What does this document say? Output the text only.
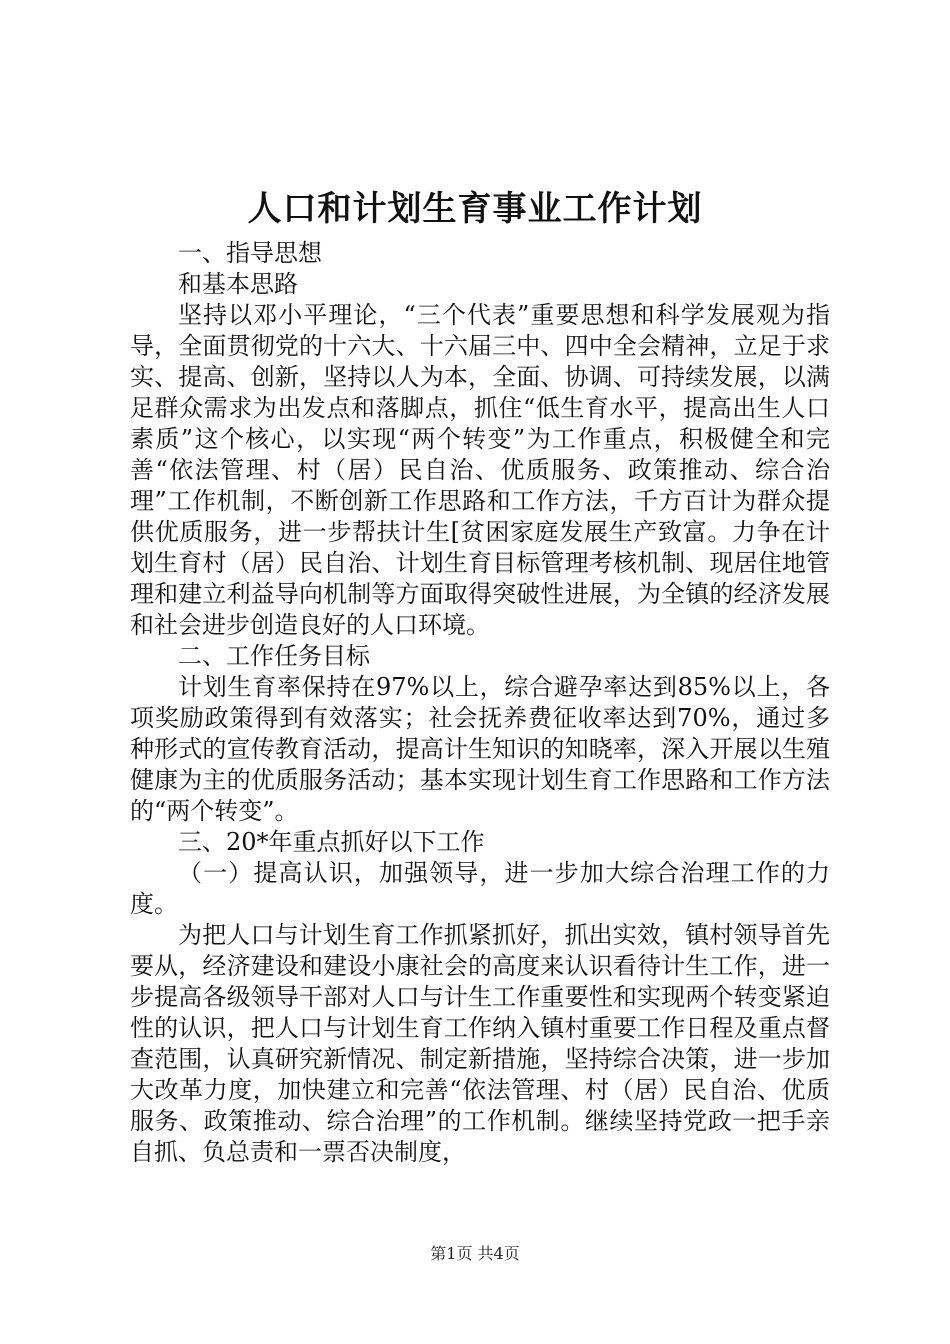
人口和计划生育事业工作计划

一、指导思想

和基本思路

坚持以邓小平理论，“三个代表”重要思想和科学发展观为指导，全面贯彻党的十六大、十六届三中、四中全会精神，立足于求实、提高、创新，坚持以人为本，全面、协调、可持续发展，以满足群众需求为出发点和落脚点，抓住“低生育水平，提高出生人口素质”这个核心，以实现“两个转变”为工作重点，积极健全和完善“依法管理、村（居）民自治、优质服务、政策推动、综合治理”工作机制，不断创新工作思路和工作方法，千方百计为群众提供优质服务，进一步帮扶计生[贫困家庭发展生产致富。力争在计划生育村（居）民自治、计划生育目标管理考核机制、现居住地管理和建立利益导向机制等方面取得突破性进展，为全镇的经济发展和社会进步创造良好的人口环境。

二、工作任务目标

计划生育率保持在97%以上，综合避孕率达到85%以上，各项奖励政策得到有效落实；社会抚养费征收率达到70%，通过多种形式的宣传教育活动，提高计生知识的知晓率，深入开展以生殖健康为主的优质服务活动；基本实现计划生育工作思路和工作方法的“两个转变”。

三、20*年重点抓好以下工作

（一）提高认识，加强领导，进一步加大综合治理工作的力度。

为把人口与计划生育工作抓紧抓好，抓出实效，镇村领导首先要从，经济建设和建设小康社会的高度来认识看待计生工作，进一步提高各级领导干部对人口与计生工作重要性和实现两个转变紧迫性的认识，把人口与计划生育工作纳入镇村重要工作日程及重点督查范围，认真研究新情况、制定新措施，坚持综合决策，进一步加大改革力度，加快建立和完善“依法管理、村（居）民自治、优质服务、政策推动、综合治理”的工作机制。继续坚持党政一把手亲自抓、负总责和一票否决制度，

第1页 共4页
